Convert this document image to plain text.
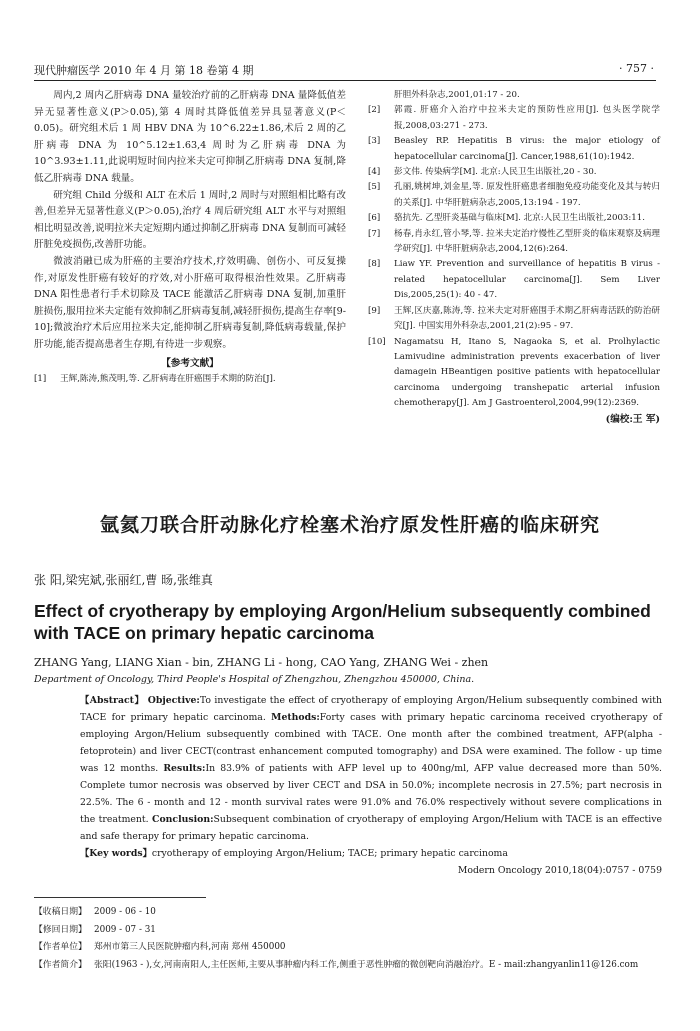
现代肿瘤医学 2010 年 4 月 第 18 卷第 4 期	· 757 ·

周内,2 周内乙肝病毒 DNA 量较治疗前的乙肝病毒 DNA 量降低值差异无显著性意义(P＞0.05),第 4 周时其降低值差异具显著意义(P＜0.05)。研究组术后 1 周 HBV DNA 为 10^6.22±1.86,术后 2 周的乙肝病毒 DNA 为 10^5.12±1.63,4 周时为乙肝病毒 DNA 为 10^3.93±1.11,此说明短时间内拉米夫定可抑制乙肝病毒 DNA 复制,降低乙肝病毒 DNA 载量。

研究组 Child 分级和 ALT 在术后 1 周时,2 周时与对照组相比略有改善,但差异无显著性意义(P＞0.05),治疗 4 周后研究组 ALT 水平与对照组相比明显改善,说明拉米夫定短期内通过抑制乙肝病毒 DNA 复制而可减轻肝脏免疫损伤,改善肝功能。

微波消融已成为肝癌的主要治疗技术,疗效明确、创伤小、可反复操作,对原发性肝癌有较好的疗效,对小肝癌可取得根治性效果。乙肝病毒 DNA 阳性患者行手术切除及 TACE 能激活乙肝病毒 DNA 复制,加重肝脏损伤,服用拉米夫定能有效抑制乙肝病毒复制,减轻肝损伤,提高生存率[9-10];微波治疗术后应用拉米夫定,能抑制乙肝病毒复制,降低病毒载量,保护肝功能,能否提高患者生存期,有待进一步观察。

【参考文献】
[1]	王辉,陈涛,熊茂明,等. 乙肝病毒在肝癌围手术期的防治[J].
肝胆外科杂志,2001,01:17 - 20.
[2]	郭霞. 肝癌介入治疗中拉米夫定的预防性应用[J]. 包头医学院学报,2008,03:271 - 273.
[3]	Beasley RP. Hepatitis B virus: the major etiology of hepatocellular carcinoma[J]. Cancer,1988,61(10):1942.
[4]	彭文伟. 传染病学[M]. 北京:人民卫生出版社,20 - 30.
[5]	孔丽,姚树坤,刘金星,等. 原发性肝癌患者细胞免疫功能变化及其与转归的关系[J]. 中华肝脏病杂志,2005,13:194 - 197.
[6]	骆抗先. 乙型肝炎基础与临床[M]. 北京:人民卫生出版社,2003:11.
[7]	杨春,肖永红,管小琴,等. 拉米夫定治疗慢性乙型肝炎的临床观察及病理学研究[J]. 中华肝脏病杂志,2004,12(6):264.
[8]	Liaw YF. Prevention and surveillance of hepatitis B virus - related hepatocellular carcinoma[J]. Sem Liver Dis,2005,25(1): 40 - 47.
[9]	王辉,区庆嘉,陈涛,等. 拉米夫定对肝癌围手术期乙肝病毒活跃的防治研究[J]. 中国实用外科杂志,2001,21(2):95 - 97.
[10] Nagamatsu H, Itano S, Nagaoka S, et al. Prolhylactic Lamivudine administration prevents exacerbation of liver damagein HBeantigen positive patients with hepatocellular carcinoma undergoing transhepatic arterial infusion chemotherapy[J]. Am J Gastroenterol,2004,99(12):2369.
(编校:王 军)
氩氦刀联合肝动脉化疗栓塞术治疗原发性肝癌的临床研究
张 阳,梁宪斌,张丽红,曹 旸,张维真
Effect of cryotherapy by employing Argon/Helium subsequently combined with TACE on primary hepatic carcinoma
ZHANG Yang, LIANG Xian - bin, ZHANG Li - hong, CAO Yang, ZHANG Wei - zhen
Department of Oncology, Third People's Hospital of Zhengzhou, Zhengzhou 450000, China.
【Abstract】 Objective:To investigate the effect of cryotherapy of employing Argon/Helium subsequently combined with TACE for primary hepatic carcinoma. Methods:Forty cases with primary hepatic carcinoma received cryotherapy of employing Argon/Helium subsequently combined with TACE. One month after the combined treatment, AFP(alpha - fetoprotein) and liver CECT(contrast enhancement computed tomography) and DSA were examined. The follow - up time was 12 months. Results:In 83.9% of patients with AFP level up to 400ng/ml, AFP value decreased more than 50%. Complete tumor necrosis was observed by liver CECT and DSA in 50.0%; incomplete necrosis in 27.5%; part necrosis in 22.5%. The 6 - month and 12 - month survival rates were 91.0% and 76.0% respectively without severe complications in the treatment. Conclusion:Subsequent combination of cryotherapy of employing Argon/Helium with TACE is an effective and safe therapy for primary hepatic carcinoma.
【Key words】cryotherapy of employing Argon/Helium; TACE; primary hepatic carcinoma
Modern Oncology 2010,18(04):0757 - 0759
【收稿日期】 2009 - 06 - 10
【修回日期】 2009 - 07 - 31
【作者单位】 郑州市第三人民医院肿瘤内科,河南 郑州 450000
【作者简介】 张阳(1963 - ),女,河南南阳人,主任医师,主要从事肿瘤内科工作,侧重于恶性肿瘤的微创靶向消融治疗。E - mail:zhangyanlin11@126.com
